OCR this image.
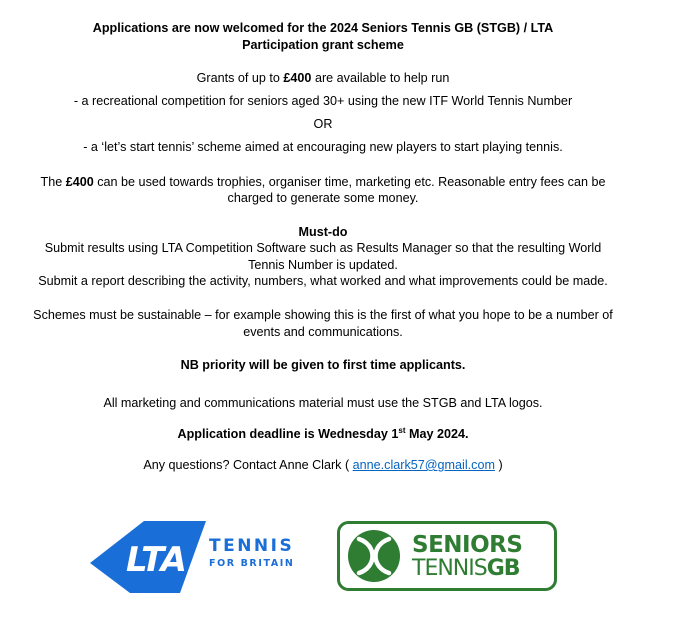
Applications are now welcomed for the 2024 Seniors Tennis GB (STGB) / LTA

Participation grant scheme

Grants of up to £400 are available to help run

- a recreational competition for seniors aged 30+ using the new ITF World Tennis Number

OR

- a ‘let’s start tennis’ scheme aimed at encouraging new players to start playing tennis.

The £400 can be used towards trophies, organiser time, marketing etc. Reasonable entry fees can be

charged to generate some money.

Must-do

Submit results using LTA Competition Software such as Results Manager so that the resulting World

Tennis Number is updated.

Submit a report describing the activity, numbers, what worked and what improvements could be made.

Schemes must be sustainable – for example showing this is the first of what you hope to be a number of

events and communications.

NB priority will be given to first time applicants.

All marketing and communications material must use the STGB and LTA logos.

Application deadline is Wednesday 1st May 2024.

Any questions? Contact Anne Clark ( anne.clark57@gmail.com )

LTA TENNIS
FOR BRITAIN
SENIORS
TENNISGB
